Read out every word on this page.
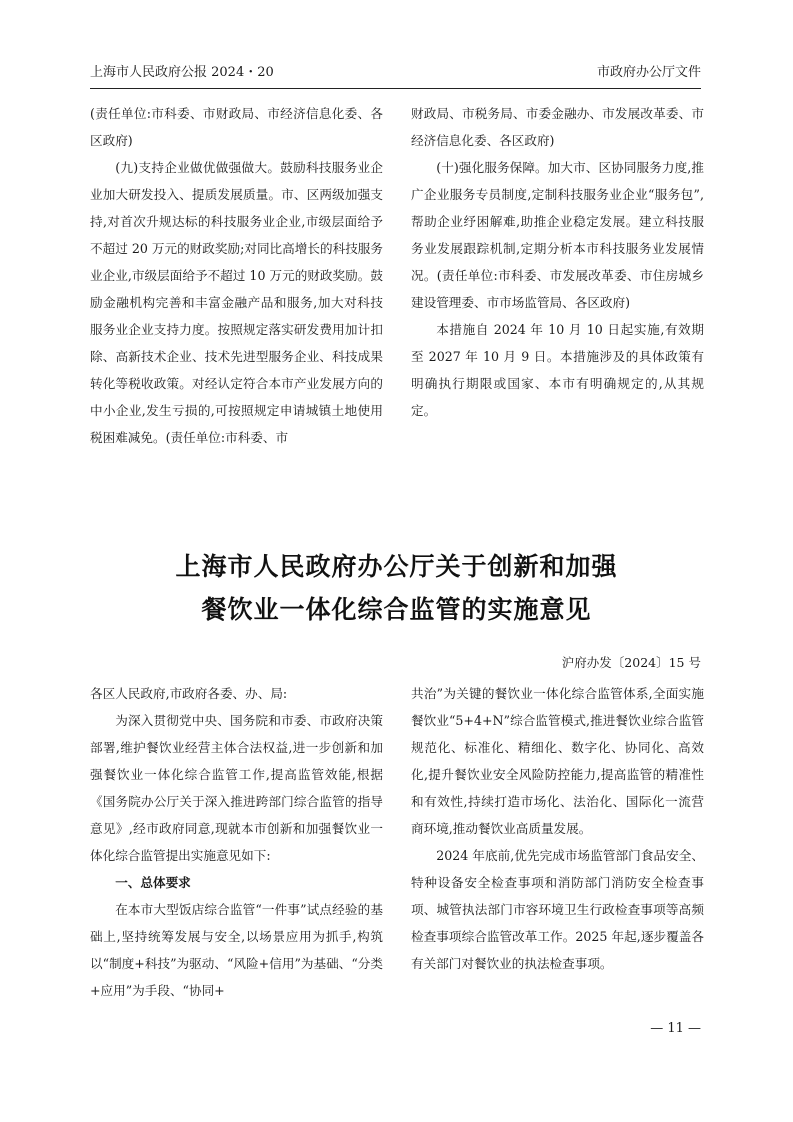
上海市人民政府公报 2024・20	市政府办公厅文件

(责任单位:市科委、市财政局、市经济信息化委、各区政府)

(九)支持企业做优做强做大。鼓励科技服务业企业加大研发投入、提质发展质量。市、区两级加强支持,对首次升规达标的科技服务业企业,市级层面给予不超过 20 万元的财政奖励;对同比高增长的科技服务业企业,市级层面给予不超过 10 万元的财政奖励。鼓励金融机构完善和丰富金融产品和服务,加大对科技服务业企业支持力度。按照规定落实研发费用加计扣除、高新技术企业、技术先进型服务企业、科技成果转化等税收政策。对经认定符合本市产业发展方向的中小企业,发生亏损的,可按照规定申请城镇土地使用税困难减免。(责任单位:市科委、市

财政局、市税务局、市委金融办、市发展改革委、市经济信息化委、各区政府)

(十)强化服务保障。加大市、区协同服务力度,推广企业服务专员制度,定制科技服务业企业“服务包”,帮助企业纾困解难,助推企业稳定发展。建立科技服务业发展跟踪机制,定期分析本市科技服务业发展情况。(责任单位:市科委、市发展改革委、市住房城乡建设管理委、市市场监管局、各区政府)

本措施自 2024 年 10 月 10 日起实施,有效期至 2027 年 10 月 9 日。本措施涉及的具体政策有明确执行期限或国家、本市有明确规定的,从其规定。

上海市人民政府办公厅关于创新和加强
餐饮业一体化综合监管的实施意见
沪府办发〔2024〕15 号

各区人民政府,市政府各委、办、局:

为深入贯彻党中央、国务院和市委、市政府决策部署,维护餐饮业经营主体合法权益,进一步创新和加强餐饮业一体化综合监管工作,提高监管效能,根据《国务院办公厅关于深入推进跨部门综合监管的指导意见》,经市政府同意,现就本市创新和加强餐饮业一体化综合监管提出实施意见如下:

一、总体要求

在本市大型饭店综合监管“一件事”试点经验的基础上,坚持统筹发展与安全,以场景应用为抓手,构筑以“制度+科技”为驱动、“风险+信用”为基础、“分类+应用”为手段、“协同+

共治”为关键的餐饮业一体化综合监管体系,全面实施餐饮业“5+4+N”综合监管模式,推进餐饮业综合监管规范化、标准化、精细化、数字化、协同化、高效化,提升餐饮业安全风险防控能力,提高监管的精准性和有效性,持续打造市场化、法治化、国际化一流营商环境,推动餐饮业高质量发展。

2024 年底前,优先完成市场监管部门食品安全、特种设备安全检查事项和消防部门消防安全检查事项、城管执法部门市容环境卫生行政检查事项等高频检查事项综合监管改革工作。2025 年起,逐步覆盖各有关部门对餐饮业的执法检查事项。

— 11 —
